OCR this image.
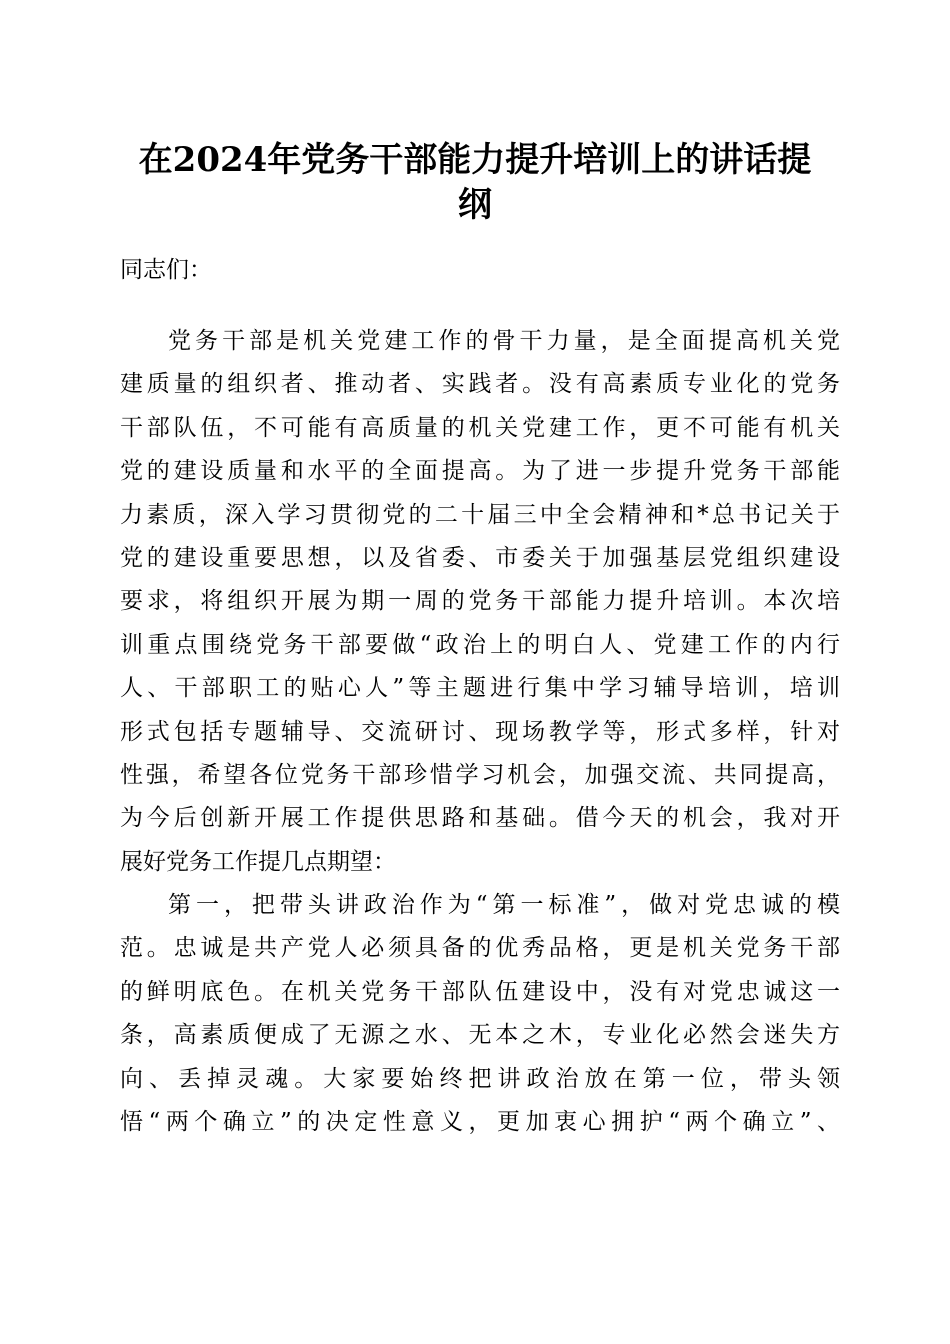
在2024年党务干部能力提升培训上的讲话提
纲
同志们：
党务干部是机关党建工作的骨干力量，是全面提高机关党
建质量的组织者、推动者、实践者。没有高素质专业化的党务
干部队伍，不可能有高质量的机关党建工作，更不可能有机关
党的建设质量和水平的全面提高。为了进一步提升党务干部能
力素质，深入学习贯彻党的二十届三中全会精神和*总书记关于
党的建设重要思想，以及省委、市委关于加强基层党组织建设
要求，将组织开展为期一周的党务干部能力提升培训。本次培
训重点围绕党务干部要做“政治上的明白人、党建工作的内行
人、干部职工的贴心人”等主题进行集中学习辅导培训，培训
形式包括专题辅导、交流研讨、现场教学等，形式多样，针对
性强，希望各位党务干部珍惜学习机会，加强交流、共同提高，
为今后创新开展工作提供思路和基础。借今天的机会，我对开
展好党务工作提几点期望：
第一，把带头讲政治作为“第一标准”，做对党忠诚的模
范。忠诚是共产党人必须具备的优秀品格，更是机关党务干部
的鲜明底色。在机关党务干部队伍建设中，没有对党忠诚这一
条，高素质便成了无源之水、无本之木，专业化必然会迷失方
向、丢掉灵魂。大家要始终把讲政治放在第一位，带头领
悟“两个确立”的决定性意义，更加衷心拥护“两个确立”、
